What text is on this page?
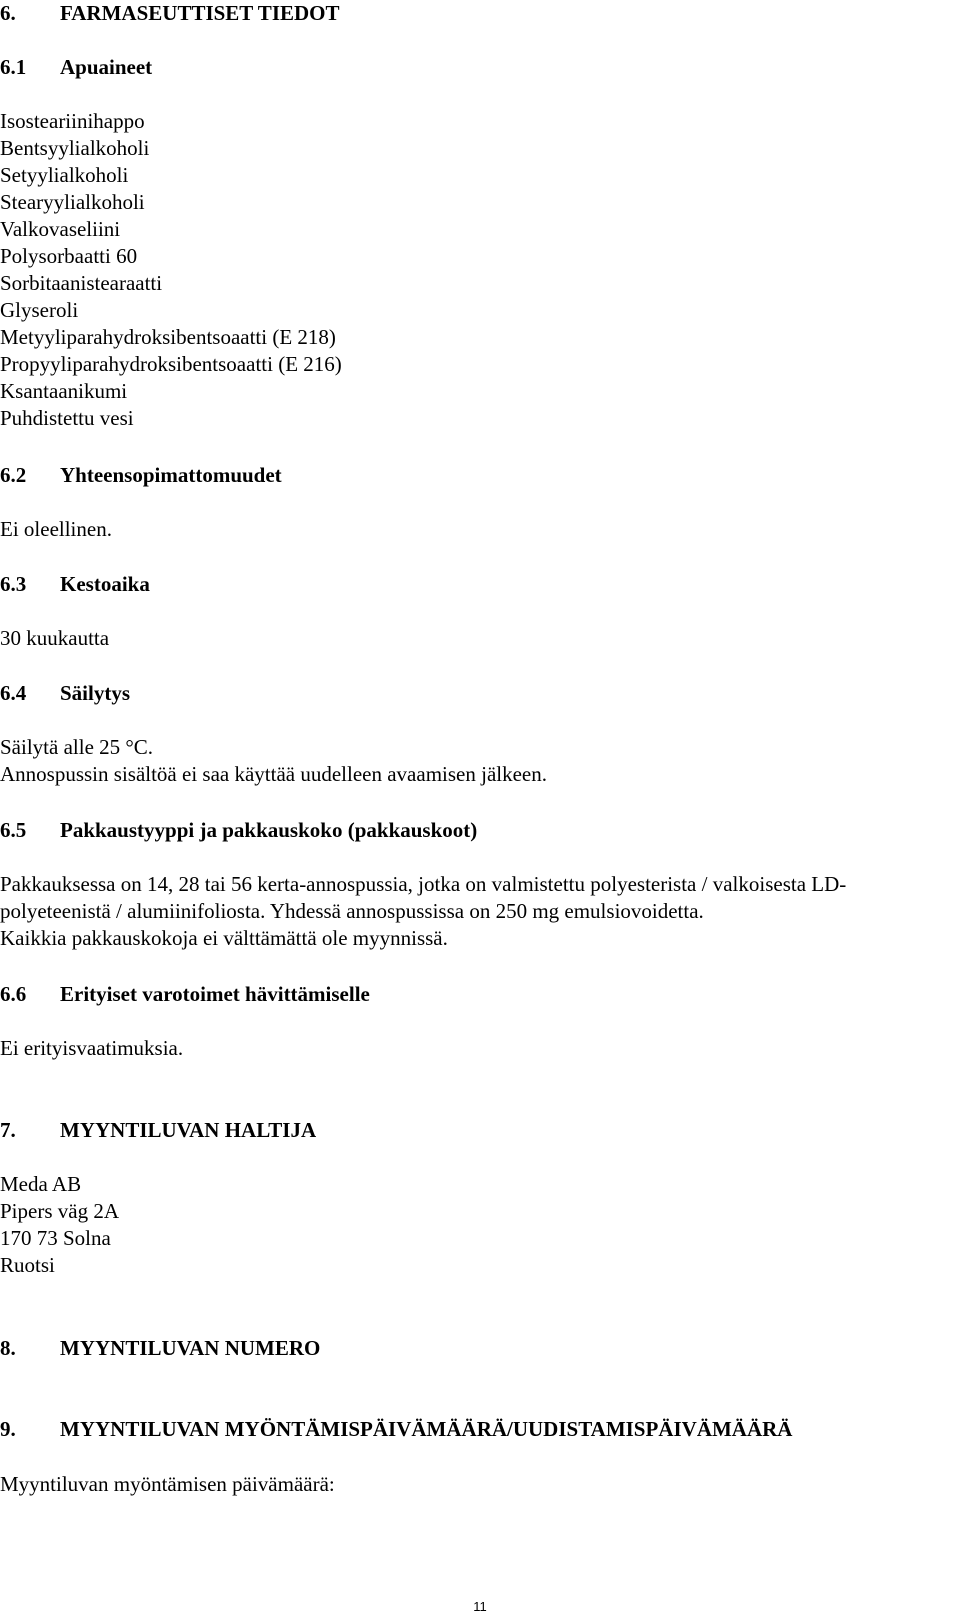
6. FARMASEUTTISET TIEDOT
6.1 Apuaineet
Isosteariinihappo
Bentsyylialkoholi
Setyylialkoholi
Stearyylialkoholi
Valkovaseliini
Polysorbaatti 60
Sorbitaanistearaatti
Glyseroli
Metyyliparahydroksibentsoaatti (E 218)
Propyyliparahydroksibentsoaatti (E 216)
Ksantaanikumi
Puhdistettu vesi
6.2 Yhteensopimattomuudet
Ei oleellinen.
6.3 Kestoaika
30 kuukautta
6.4 Säilytys
Säilytä alle 25 °C.
Annospussin sisältöä ei saa käyttää uudelleen avaamisen jälkeen.
6.5 Pakkaustyyppi ja pakkauskoko (pakkauskoot)
Pakkauksessa on 14, 28 tai 56 kerta-annospussia, jotka on valmistettu polyesterista / valkoisesta LD-
polyeteenistä / alumiinifoliosta. Yhdessä annospussissa on 250 mg emulsiovoidetta.
Kaikkia pakkauskokoja ei välttämättä ole myynnissä.
6.6 Erityiset varotoimet hävittämiselle
Ei erityisvaatimuksia.
7. MYYNTILUVAN HALTIJA
Meda AB
Pipers väg 2A
170 73 Solna
Ruotsi
8. MYYNTILUVAN NUMERO
9. MYYNTILUVAN MYÖNTÄMISPÄIVÄMÄÄRÄ/UUDISTAMISPÄIVÄMÄÄRÄ
Myyntiluvan myöntämisen päivämäärä:
11
